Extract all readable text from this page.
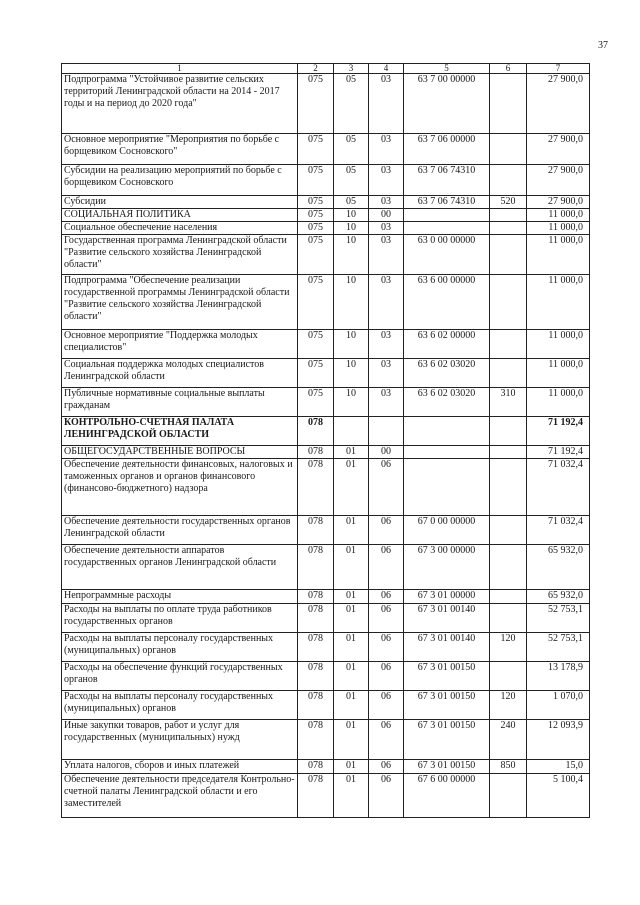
37
1	2	3	4	5	6	7
Подпрограмма "Устойчивое развитие сельских территорий Ленинградской области на 2014 - 2017 годы и на период до 2020 года"	075	05	03	63 7 00 00000		27 900,0
Основное мероприятие "Мероприятия по борьбе с борщевиком Сосновского"	075	05	03	63 7 06 00000		27 900,0
Субсидии на реализацию мероприятий по борьбе с борщевиком Сосновского	075	05	03	63 7 06 74310		27 900,0
Субсидии	075	05	03	63 7 06 74310	520	27 900,0
СОЦИАЛЬНАЯ ПОЛИТИКА	075	10	00			11 000,0
Социальное обеспечение населения	075	10	03			11 000,0
Государственная программа Ленинградской области "Развитие сельского хозяйства Ленинградской области"	075	10	03	63 0 00 00000		11 000,0
Подпрограмма "Обеспечение реализации государственной программы Ленинградской области "Развитие сельского хозяйства Ленинградской области"	075	10	03	63 6 00 00000		11 000,0
Основное мероприятие "Поддержка молодых специалистов"	075	10	03	63 6 02 00000		11 000,0
Социальная поддержка молодых специалистов Ленинградской области	075	10	03	63 6 02 03020		11 000,0
Публичные нормативные социальные выплаты гражданам	075	10	03	63 6 02 03020	310	11 000,0
КОНТРОЛЬНО-СЧЕТНАЯ ПАЛАТА ЛЕНИНГРАДСКОЙ ОБЛАСТИ	078					71 192,4
ОБЩЕГОСУДАРСТВЕННЫЕ ВОПРОСЫ	078	01	00			71 192,4
Обеспечение деятельности финансовых, налоговых и таможенных органов и органов финансового (финансово-бюджетного) надзора	078	01	06			71 032,4
Обеспечение деятельности государственных органов Ленинградской области	078	01	06	67 0 00 00000		71 032,4
Обеспечение деятельности аппаратов государственных органов Ленинградской области	078	01	06	67 3 00 00000		65 932,0
Непрограммные расходы	078	01	06	67 3 01 00000		65 932,0
Расходы на выплаты по оплате труда работников государственных органов	078	01	06	67 3 01 00140		52 753,1
Расходы на выплаты персоналу государственных (муниципальных) органов	078	01	06	67 3 01 00140	120	52 753,1
Расходы на обеспечение функций государственных органов	078	01	06	67 3 01 00150		13 178,9
Расходы на выплаты персоналу государственных (муниципальных) органов	078	01	06	67 3 01 00150	120	1 070,0
Иные закупки товаров, работ и услуг для государственных (муниципальных) нужд	078	01	06	67 3 01 00150	240	12 093,9
Уплата налогов, сборов и иных платежей	078	01	06	67 3 01 00150	850	15,0
Обеспечение деятельности председателя Контрольно-счетной палаты Ленинградской области и его заместителей	078	01	06	67 6 00 00000		5 100,4
